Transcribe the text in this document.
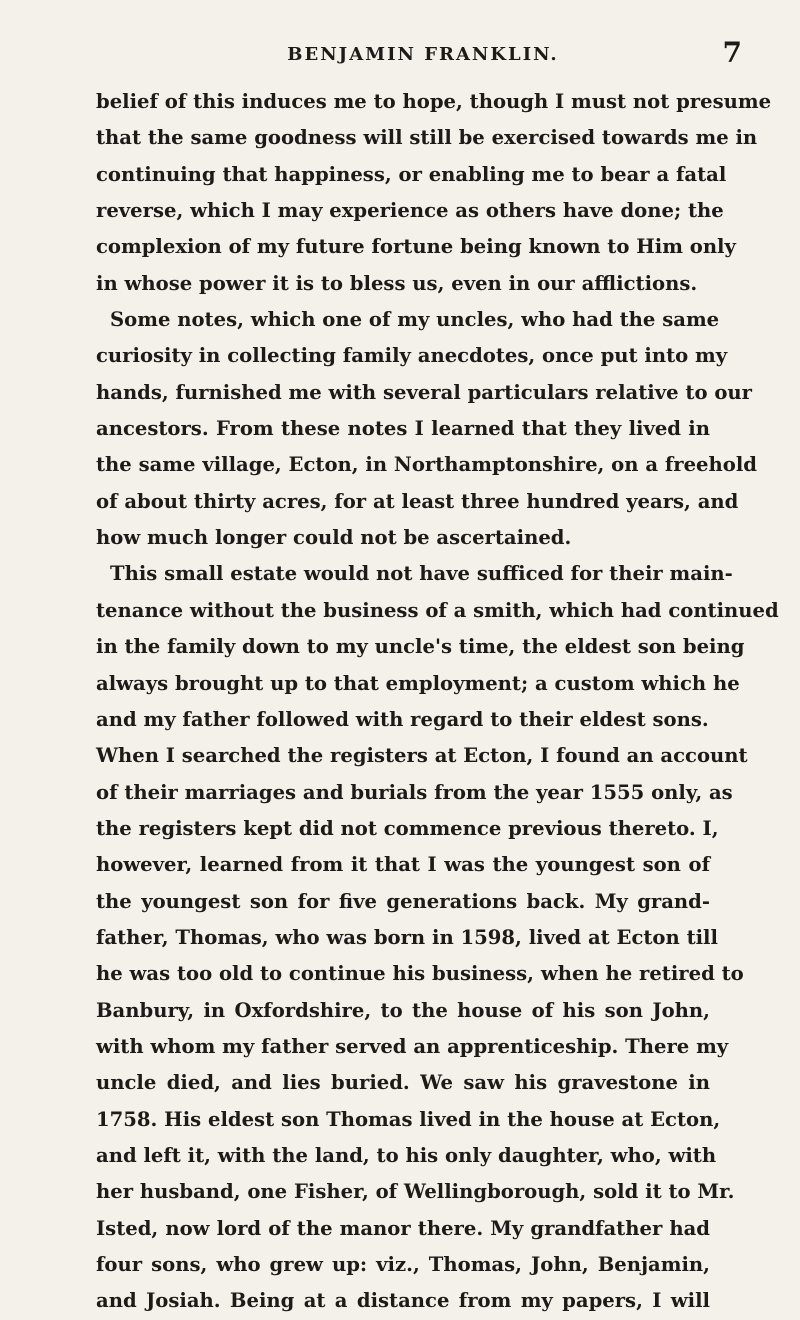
BENJAMIN FRANKLIN.	7
belief of this induces me to hope, though I must not presume
that the same goodness will still be exercised towards me in
continuing that happiness, or enabling me to bear a fatal
reverse, which I may experience as others have done; the
complexion of my future fortune being known to Him only
in whose power it is to bless us, even in our afflictions.
Some notes, which one of my uncles, who had the same
curiosity in collecting family anecdotes, once put into my
hands, furnished me with several particulars relative to our
ancestors. From these notes I learned that they lived in
the same village, Ecton, in Northamptonshire, on a freehold
of about thirty acres, for at least three hundred years, and
how much longer could not be ascertained.
This small estate would not have sufficed for their main-
tenance without the business of a smith, which had continued
in the family down to my uncle's time, the eldest son being
always brought up to that employment; a custom which he
and my father followed with regard to their eldest sons.
When I searched the registers at Ecton, I found an account
of their marriages and burials from the year 1555 only, as
the registers kept did not commence previous thereto. I,
however, learned from it that I was the youngest son of
the youngest son for five generations back. My grand-
father, Thomas, who was born in 1598, lived at Ecton till
he was too old to continue his business, when he retired to
Banbury, in Oxfordshire, to the house of his son John,
with whom my father served an apprenticeship. There my
uncle died, and lies buried. We saw his gravestone in
1758. His eldest son Thomas lived in the house at Ecton,
and left it, with the land, to his only daughter, who, with
her husband, one Fisher, of Wellingborough, sold it to Mr.
Isted, now lord of the manor there. My grandfather had
four sons, who grew up: viz., Thomas, John, Benjamin,
and Josiah. Being at a distance from my papers, I will
